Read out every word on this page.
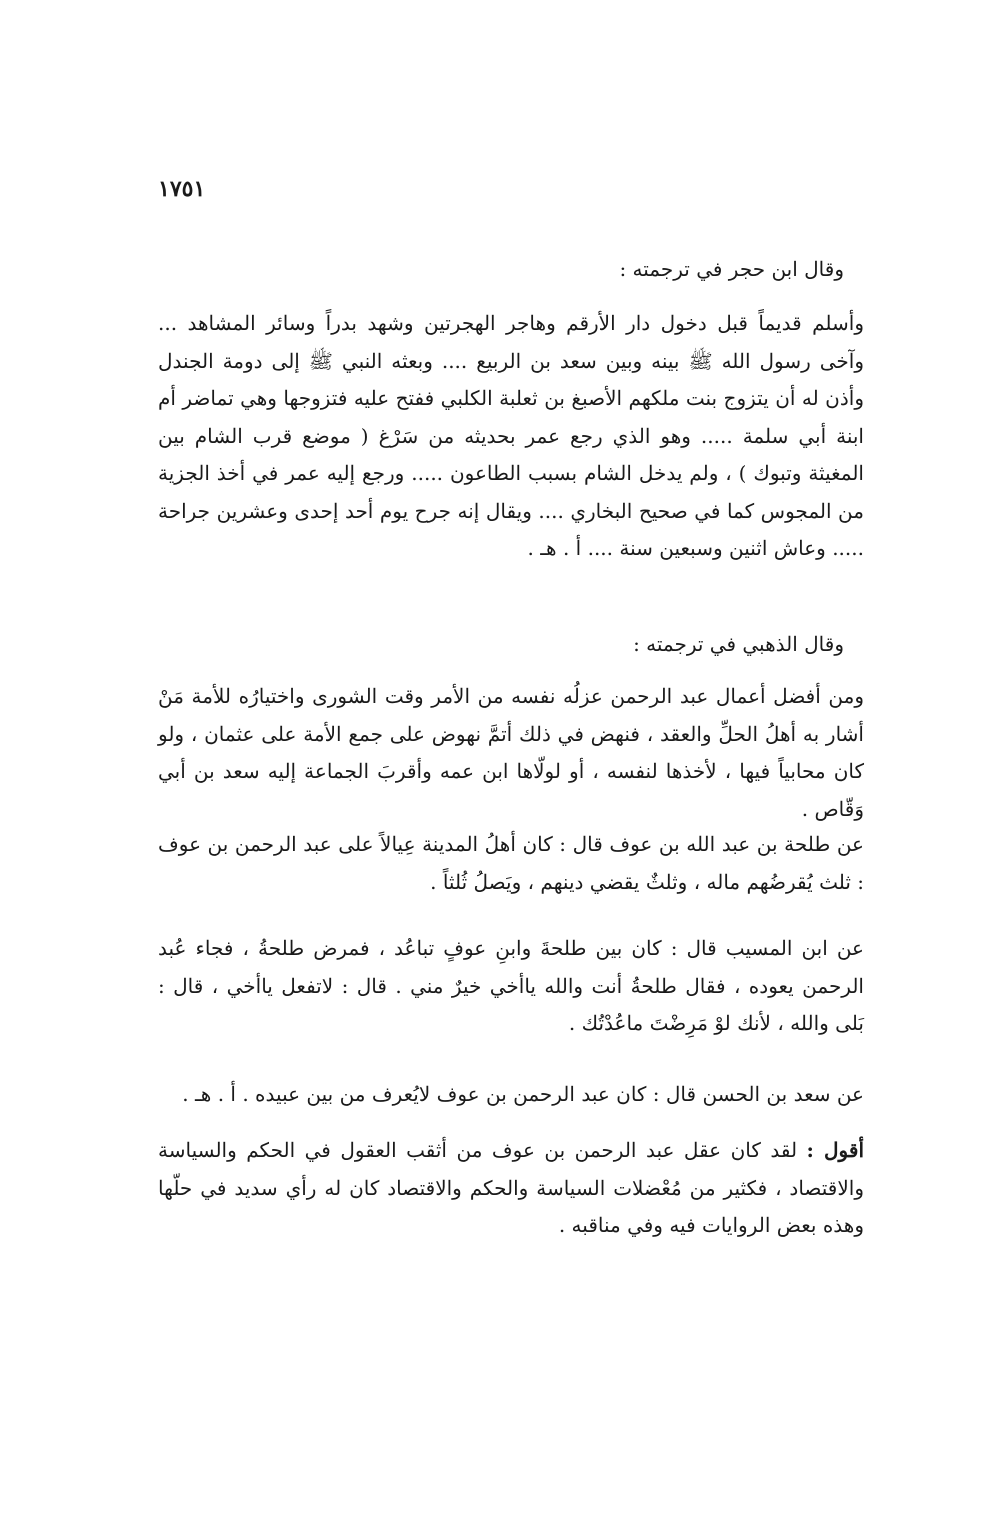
١٧٥١
وقال ابن حجر في ترجمته :
وأسلم قديماً قبل دخول دار الأرقم وهاجر الهجرتين وشهد بدراً وسائر المشاهد ... وآخى رسول الله ﷺ بينه وبين سعد بن الربيع .... وبعثه النبي ﷺ إلى دومة الجندل وأذن له أن يتزوج بنت ملكهم الأصبغ بن ثعلبة الكلبي ففتح عليه فتزوجها وهي تماضر أم ابنة أبي سلمة ..... وهو الذي رجع عمر بحديثه من سَرْغ ( موضع قرب الشام بين المغيثة وتبوك ) ، ولم يدخل الشام بسبب الطاعون ..... ورجع إليه عمر في أخذ الجزية من المجوس كما في صحيح البخاري .... ويقال إنه جرح يوم أحد إحدى وعشرين جراحة ..... وعاش اثنين وسبعين سنة .... أ . هـ .
وقال الذهبي في ترجمته :
ومن أفضل أعمال عبد الرحمن عزلُه نفسه من الأمر وقت الشورى واختيارُه للأمة مَنْ أشار به أهلُ الحلِّ والعقد ، فنهض في ذلك أتمَّ نهوض على جمع الأمة على عثمان ، ولو كان محابياً فيها ، لأخذها لنفسه ، أو لولّاها ابن عمه وأقربَ الجماعة إليه سعد بن أبي وَقّاص .
عن طلحة بن عبد الله بن عوف قال : كان أهلُ المدينة عِيالاً على عبد الرحمن بن عوف : ثلث يُقرضُهم ماله ، وثلثٌ يقضي دينهم ، ويَصلُ ثُلثاً .
عن ابن المسيب قال : كان بين طلحةَ وابنِ عوفٍ تباعُد ، فمرض طلحةُ ، فجاء عُبد الرحمن يعوده ، فقال طلحةُ أنت والله ياأخي خيرٌ مني . قال : لاتفعل ياأخي ، قال : بَلى والله ، لأنك لوْ مَرِضْتَ ماعُدْتُك .
عن سعد بن الحسن قال : كان عبد الرحمن بن عوف لايُعرف من بين عبيده . أ . هـ .
أقول : لقد كان عقل عبد الرحمن بن عوف من أثقب العقول في الحكم والسياسة والاقتصاد ، فكثير من مُعْضلات السياسة والحكم والاقتصاد كان له رأي سديد في حلّها وهذه بعض الروايات فيه وفي مناقبه .
